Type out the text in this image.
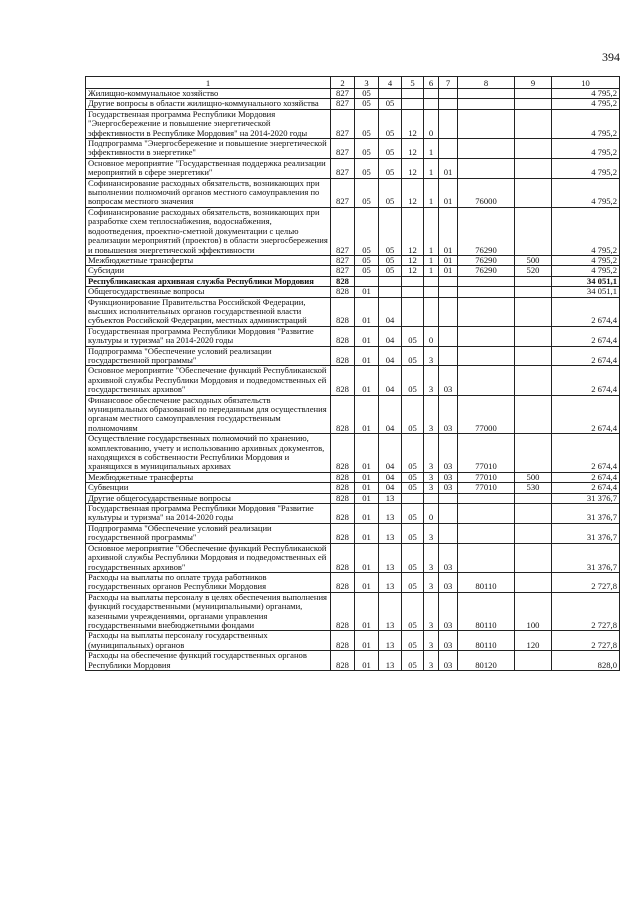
394
1	2	3	4	5	6	7	8	9	10
Жилищно-коммунальное хозяйство	827	05							4 795,2
Другие вопросы в области жилищно-коммунального хозяйства	827	05	05						4 795,2
Государственная программа Республики Мордовия "Энергосбережение и повышение энергетической эффективности в Республике Мордовия" на 2014-2020 годы	827	05	05	12	0				4 795,2
Подпрограмма "Энергосбережение и повышение энергетической эффективности в энергетике"	827	05	05	12	1				4 795,2
Основное мероприятие "Государственная поддержка реализации мероприятий в сфере энергетики"	827	05	05	12	1	01			4 795,2
Софинансирование расходных обязательств, возникающих при выполнении полномочий органов местного самоуправления по вопросам местного значения	827	05	05	12	1	01	76000		4 795,2
Софинансирование расходных обязательств, возникающих при разработке схем теплоснабжения, водоснабжения, водоотведения, проектно-сметной документации с целью реализации мероприятий (проектов) в области энергосбережения и повышения энергетической эффективности	827	05	05	12	1	01	76290		4 795,2
Межбюджетные трансферты	827	05	05	12	1	01	76290	500	4 795,2
Субсидии	827	05	05	12	1	01	76290	520	4 795,2
Республиканская архивная служба Республики Мордовия	828								34 051,1
Общегосударственные вопросы	828	01							34 051,1
Функционирование Правительства Российской Федерации, высших исполнительных органов государственной власти субъектов Российской Федерации, местных администраций	828	01	04						2 674,4
Государственная программа Республики Мордовия "Развитие культуры и туризма" на 2014-2020 годы	828	01	04	05	0				2 674,4
Подпрограмма "Обеспечение условий реализации государственной программы"	828	01	04	05	3				2 674,4
Основное мероприятие "Обеспечение функций Республиканской архивной службы Республики Мордовия и подведомственных ей государственных архивов"	828	01	04	05	3	03			2 674,4
Финансовое обеспечение расходных обязательств муниципальных образований по переданным для осуществления органам местного самоуправления государственным полномочиям	828	01	04	05	3	03	77000		2 674,4
Осуществление государственных полномочий по хранению, комплектованию, учету и использованию архивных документов, находящихся в собственности Республики Мордовия и хранящихся в муниципальных архивах	828	01	04	05	3	03	77010		2 674,4
Межбюджетные трансферты	828	01	04	05	3	03	77010	500	2 674,4
Субвенции	828	01	04	05	3	03	77010	530	2 674,4
Другие общегосударственные вопросы	828	01	13						31 376,7
Государственная программа Республики Мордовия "Развитие культуры и туризма" на 2014-2020 годы	828	01	13	05	0				31 376,7
Подпрограмма "Обеспечение условий реализации государственной программы"	828	01	13	05	3				31 376,7
Основное мероприятие "Обеспечение функций Республиканской архивной службы Республики Мордовия и подведомственных ей государственных архивов"	828	01	13	05	3	03			31 376,7
Расходы на выплаты по оплате труда работников государственных органов Республики Мордовия	828	01	13	05	3	03	80110		2 727,8
Расходы на выплаты персоналу в целях обеспечения выполнения функций государственными (муниципальными) органами, казенными учреждениями, органами управления государственными внебюджетными фондами	828	01	13	05	3	03	80110	100	2 727,8
Расходы на выплаты персоналу государственных (муниципальных) органов	828	01	13	05	3	03	80110	120	2 727,8
Расходы на обеспечение функций государственных органов Республики Мордовия	828	01	13	05	3	03	80120		828,0
